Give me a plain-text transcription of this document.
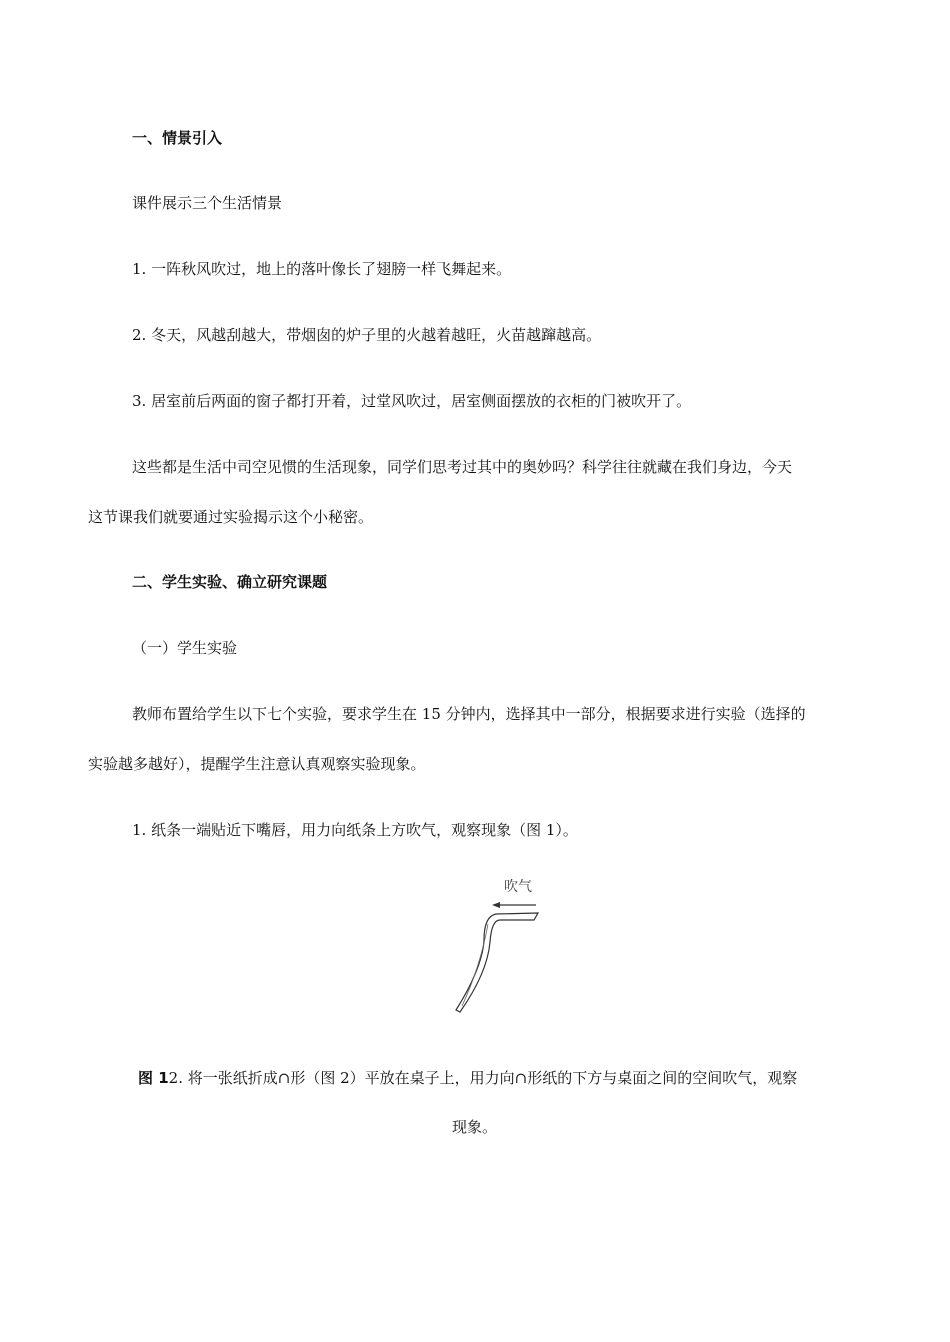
一、情景引入
课件展示三个生活情景
1. 一阵秋风吹过，地上的落叶像长了翅膀一样飞舞起来。
2. 冬天，风越刮越大，带烟囱的炉子里的火越着越旺，火苗越蹿越高。
3. 居室前后两面的窗子都打开着，过堂风吹过，居室侧面摆放的衣柜的门被吹开了。
这些都是生活中司空见惯的生活现象，同学们思考过其中的奥妙吗？科学往往就藏在我们身边，今天
这节课我们就要通过实验揭示这个小秘密。
二、学生实验、确立研究课题
（一）学生实验
教师布置给学生以下七个实验，要求学生在 15 分钟内，选择其中一部分，根据要求进行实验（选择的
实验越多越好），提醒学生注意认真观察实验现象。
1. 纸条一端贴近下嘴唇，用力向纸条上方吹气，观察现象（图 1）。
吹气
图 12. 将一张纸折成∩形（图 2）平放在桌子上，用力向∩形纸的下方与桌面之间的空间吹气，观察
现象。
